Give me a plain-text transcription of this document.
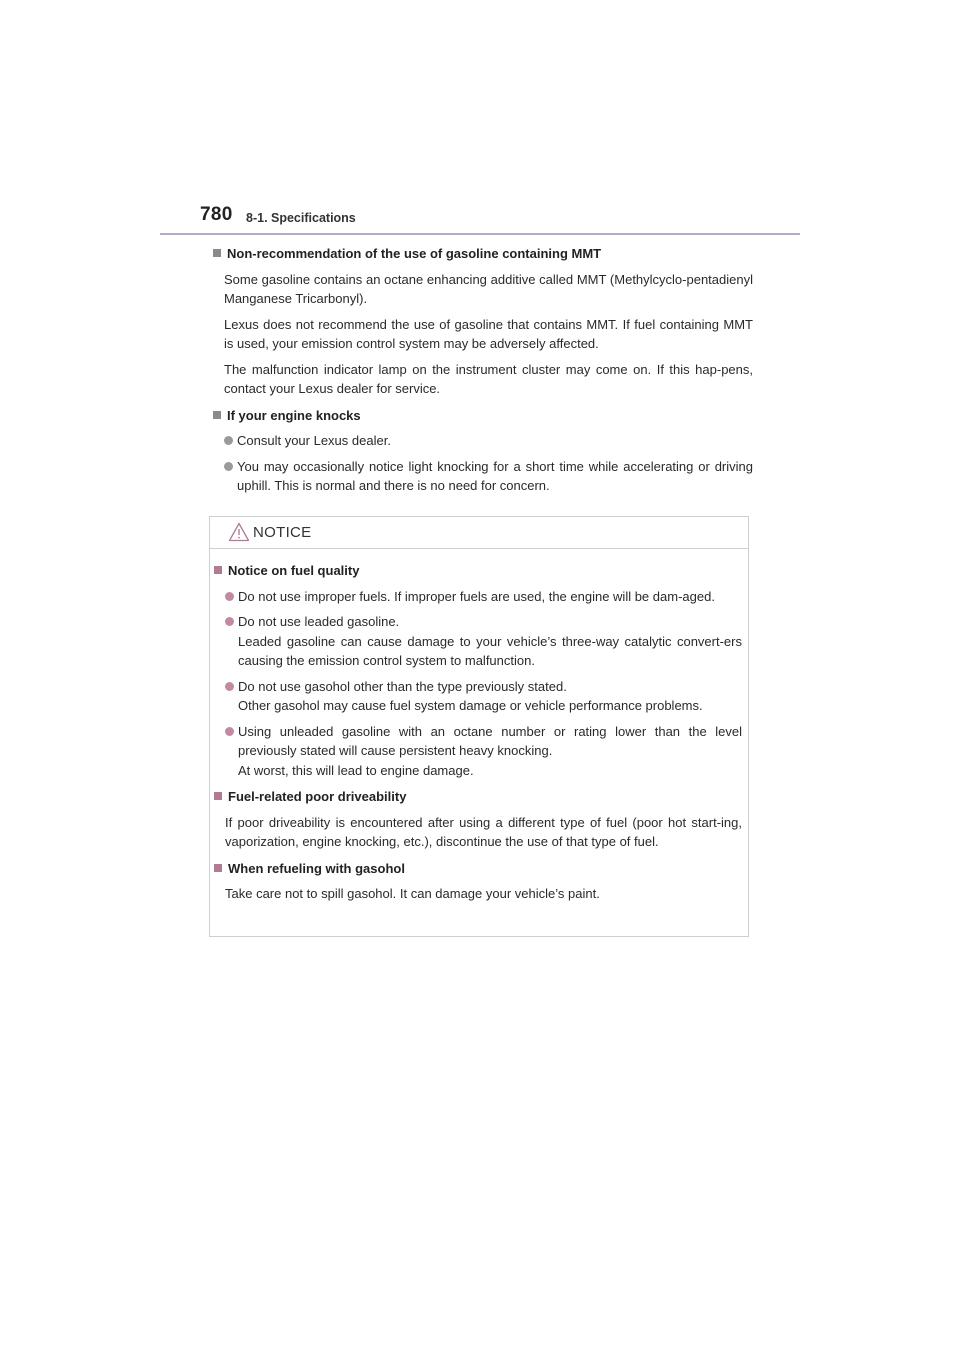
780 8-1. Specifications
Non-recommendation of the use of gasoline containing MMT
Some gasoline contains an octane enhancing additive called MMT (Methylcyclo-pentadienyl Manganese Tricarbonyl).
Lexus does not recommend the use of gasoline that contains MMT. If fuel containing MMT is used, your emission control system may be adversely affected.
The malfunction indicator lamp on the instrument cluster may come on. If this hap-pens, contact your Lexus dealer for service.
If your engine knocks
Consult your Lexus dealer.
You may occasionally notice light knocking for a short time while accelerating or driving uphill. This is normal and there is no need for concern.
NOTICE
Notice on fuel quality
Do not use improper fuels. If improper fuels are used, the engine will be dam-aged.
Do not use leaded gasoline.
Leaded gasoline can cause damage to your vehicle’s three-way catalytic convert-ers causing the emission control system to malfunction.
Do not use gasohol other than the type previously stated.
Other gasohol may cause fuel system damage or vehicle performance problems.
Using unleaded gasoline with an octane number or rating lower than the level previously stated will cause persistent heavy knocking.
At worst, this will lead to engine damage.
Fuel-related poor driveability
If poor driveability is encountered after using a different type of fuel (poor hot start-ing, vaporization, engine knocking, etc.), discontinue the use of that type of fuel.
When refueling with gasohol
Take care not to spill gasohol. It can damage your vehicle’s paint.
